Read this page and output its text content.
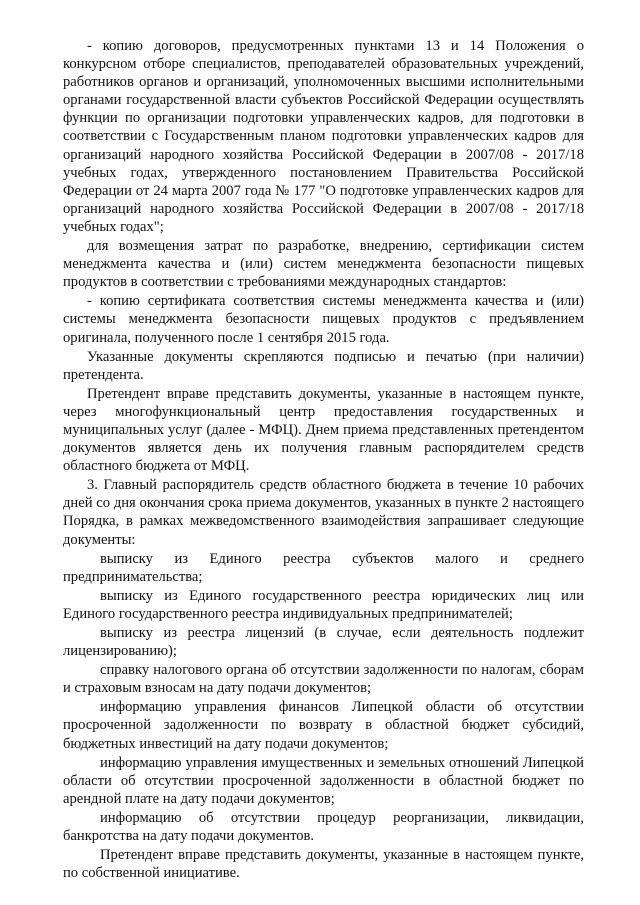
- копию договоров, предусмотренных пунктами 13 и 14 Положения о конкурсном отборе специалистов, преподавателей образовательных учреждений, работников органов и организаций, уполномоченных высшими исполнительными органами государственной власти субъектов Российской Федерации осуществлять функции по организации подготовки управленческих кадров, для подготовки в соответствии с Государственным планом подготовки управленческих кадров для организаций народного хозяйства Российской Федерации в 2007/08 - 2017/18 учебных годах, утвержденного постановлением Правительства Российской Федерации от 24 марта 2007 года № 177 "О подготовке управленческих кадров для организаций народного хозяйства Российской Федерации в 2007/08 - 2017/18 учебных годах";

для возмещения затрат по разработке, внедрению, сертификации систем менеджмента качества и (или) систем менеджмента безопасности пищевых продуктов в соответствии с требованиями международных стандартов:

- копию сертификата соответствия системы менеджмента качества и (или) системы менеджмента безопасности пищевых продуктов с предъявлением оригинала, полученного после 1 сентября 2015 года.

Указанные документы скрепляются подписью и печатью (при наличии) претендента.

Претендент вправе представить документы, указанные в настоящем пункте, через многофункциональный центр предоставления государственных и муниципальных услуг (далее - МФЦ). Днем приема представленных претендентом документов является день их получения главным распорядителем средств областного бюджета от МФЦ.

3. Главный распорядитель средств областного бюджета в течение 10 рабочих дней со дня окончания срока приема документов, указанных в пункте 2 настоящего Порядка, в рамках межведомственного взаимодействия запрашивает следующие документы:

выписку из Единого реестра субъектов малого и среднего предпринимательства;

выписку из Единого государственного реестра юридических лиц или Единого государственного реестра индивидуальных предпринимателей;

выписку из реестра лицензий (в случае, если деятельность подлежит лицензированию);

справку налогового органа об отсутствии задолженности по налогам, сборам и страховым взносам на дату подачи документов;

информацию управления финансов Липецкой области об отсутствии просроченной задолженности по возврату в областной бюджет субсидий, бюджетных инвестиций на дату подачи документов;

информацию управления имущественных и земельных отношений Липецкой области об отсутствии просроченной задолженности в областной бюджет по арендной плате на дату подачи документов;

информацию об отсутствии процедур реорганизации, ликвидации, банкротства на дату подачи документов.

Претендент вправе представить документы, указанные в настоящем пункте, по собственной инициативе.
